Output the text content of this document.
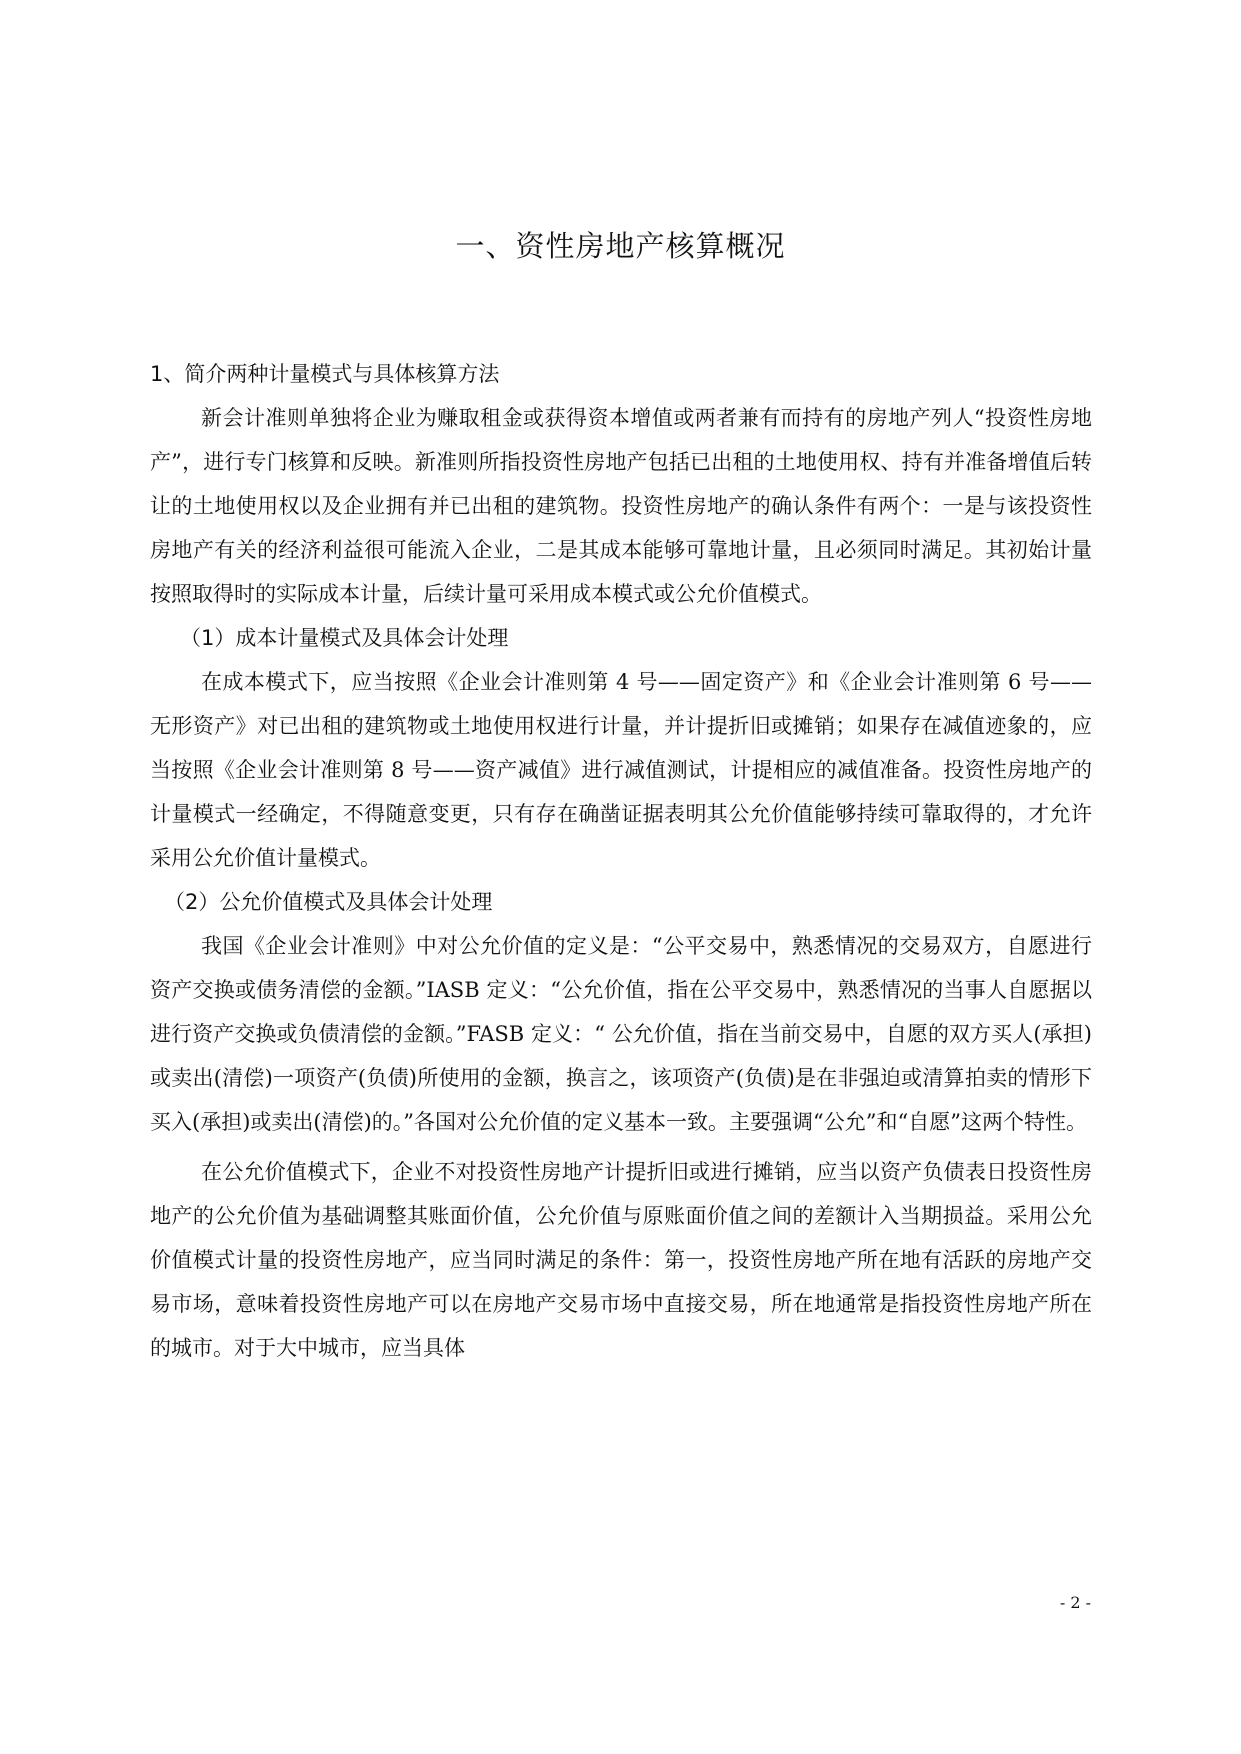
一、资性房地产核算概况
1、简介两种计量模式与具体核算方法

新会计准则单独将企业为赚取租金或获得资本增值或两者兼有而持有的房地产列人“投资性房地产”，进行专门核算和反映。新准则所指投资性房地产包括已出租的土地使用权、持有并准备增值后转让的土地使用权以及企业拥有并已出租的建筑物。投资性房地产的确认条件有两个：一是与该投资性房地产有关的经济利益很可能流入企业，二是其成本能够可靠地计量，且必须同时满足。其初始计量按照取得时的实际成本计量，后续计量可采用成本模式或公允价值模式。

（1）成本计量模式及具体会计处理

在成本模式下，应当按照《企业会计准则第 4 号——固定资产》和《企业会计准则第 6 号——无形资产》对已出租的建筑物或土地使用权进行计量，并计提折旧或摊销；如果存在减值迹象的，应当按照《企业会计准则第 8 号——资产减值》进行减值测试，计提相应的减值准备。投资性房地产的计量模式一经确定，不得随意变更，只有存在确凿证据表明其公允价值能够持续可靠取得的，才允许采用公允价值计量模式。

（2）公允价值模式及具体会计处理

我国《企业会计准则》中对公允价值的定义是：“公平交易中，熟悉情况的交易双方，自愿进行资产交换或债务清偿的金额。”IASB 定义：“公允价值，指在公平交易中，熟悉情况的当事人自愿据以进行资产交换或负债清偿的金额。”FASB 定义：“ 公允价值，指在当前交易中，自愿的双方买人(承担)或卖出(清偿)一项资产(负债)所使用的金额，换言之，该项资产(负债)是在非强迫或清算拍卖的情形下买入(承担)或卖出(清偿)的。”各国对公允价值的定义基本一致。主要强调“公允”和“自愿”这两个特性。

在公允价值模式下，企业不对投资性房地产计提折旧或进行摊销，应当以资产负债表日投资性房地产的公允价值为基础调整其账面价值，公允价值与原账面价值之间的差额计入当期损益。采用公允价值模式计量的投资性房地产，应当同时满足的条件：第一，投资性房地产所在地有活跃的房地产交易市场，意味着投资性房地产可以在房地产交易市场中直接交易，所在地通常是指投资性房地产所在的城市。对于大中城市，应当具体

- 2 -
